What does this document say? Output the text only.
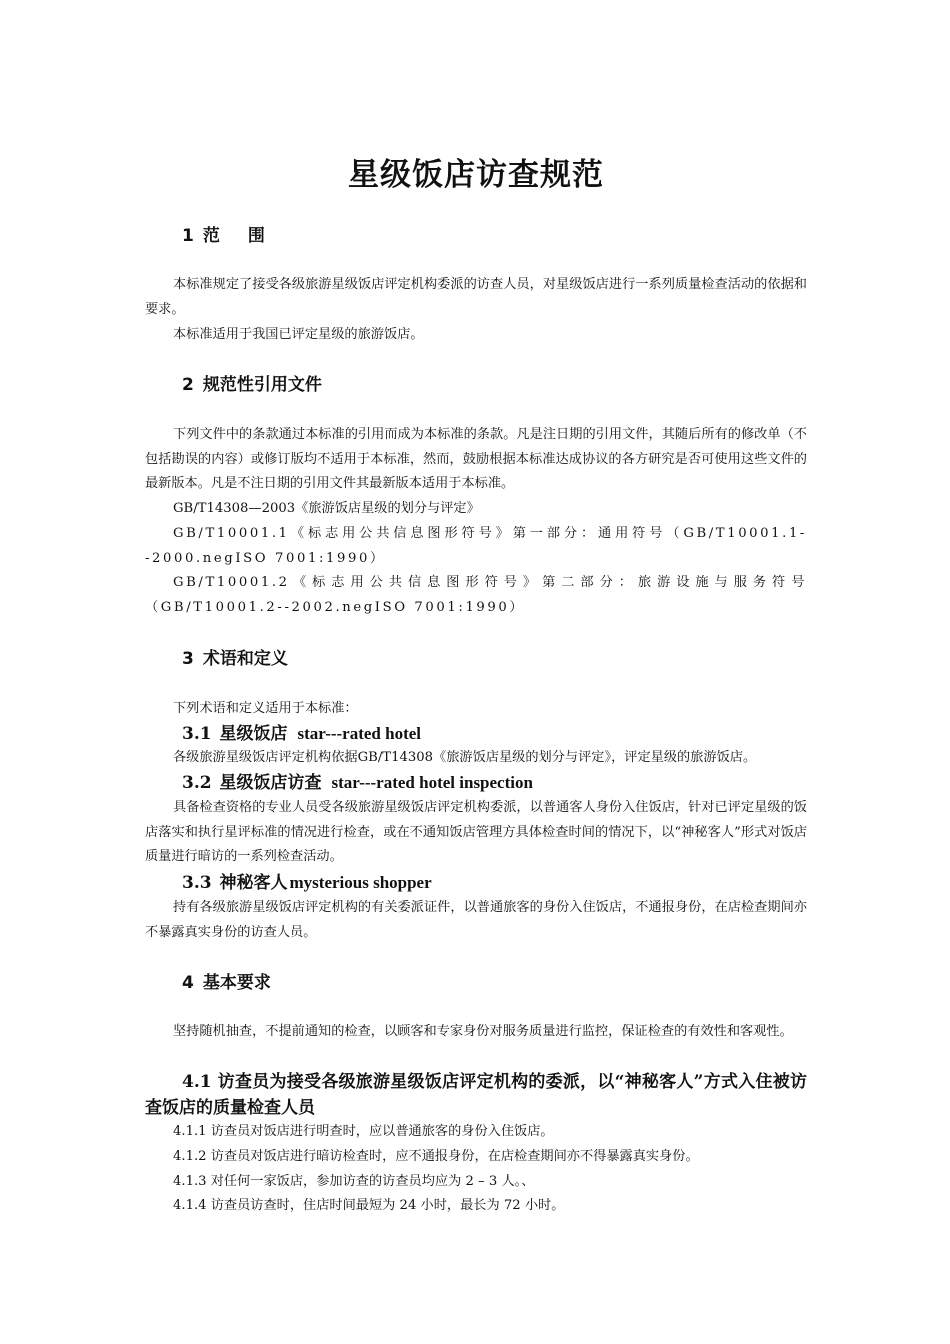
星级饭店访查规范
1 范围

本标准规定了接受各级旅游星级饭店评定机构委派的访查人员，对星级饭店进行一系列质量检查活动的依据和要求。

本标准适用于我国已评定星级的旅游饭店。

2 规范性引用文件

下列文件中的条款通过本标准的引用而成为本标准的条款。凡是注日期的引用文件，其随后所有的修改单（不包括勘误的内容）或修订版均不适用于本标准，然而，鼓励根据本标准达成协议的各方研究是否可使用这些文件的最新版本。凡是不注日期的引用文件其最新版本适用于本标准。

GB/T14308—2003《旅游饭店星级的划分与评定》

GB/T10001.1《标志用公共信息图形符号》第一部分：通用符号（GB/T10001.1--2000.negISO 7001:1990）

GB/T10001.2《标志用公共信息图形符号》第二部分：旅游设施与服务符号（GB/T10001.2--2002.negISO 7001:1990）

3 术语和定义

下列术语和定义适用于本标准：

3.1 星级饭店 star---rated hotel

各级旅游星级饭店评定机构依据GB/T14308《旅游饭店星级的划分与评定》，评定星级的旅游饭店。

3.2 星级饭店访查 star---rated hotel inspection

具备检查资格的专业人员受各级旅游星级饭店评定机构委派，以普通客人身份入住饭店，针对已评定星级的饭店落实和执行星评标准的情况进行检查，或在不通知饭店管理方具体检查时间的情况下，以“神秘客人”形式对饭店质量进行暗访的一系列检查活动。

3.3 神秘客人 mysterious shopper

持有各级旅游星级饭店评定机构的有关委派证件，以普通旅客的身份入住饭店，不通报身份，在店检查期间亦不暴露真实身份的访查人员。

4 基本要求

坚持随机抽查，不提前通知的检查，以顾客和专家身份对服务质量进行监控，保证检查的有效性和客观性。

4.1 访查员为接受各级旅游星级饭店评定机构的委派，以“神秘客人”方式入住被访查饭店的质量检查人员

4.1.1 访查员对饭店进行明查时，应以普通旅客的身份入住饭店。

4.1.2 访查员对饭店进行暗访检查时，应不通报身份，在店检查期间亦不得暴露真实身份。

4.1.3 对任何一家饭店，参加访查的访查员均应为 2 – 3 人。、

4.1.4 访查员访查时，住店时间最短为 24 小时，最长为 72 小时。
